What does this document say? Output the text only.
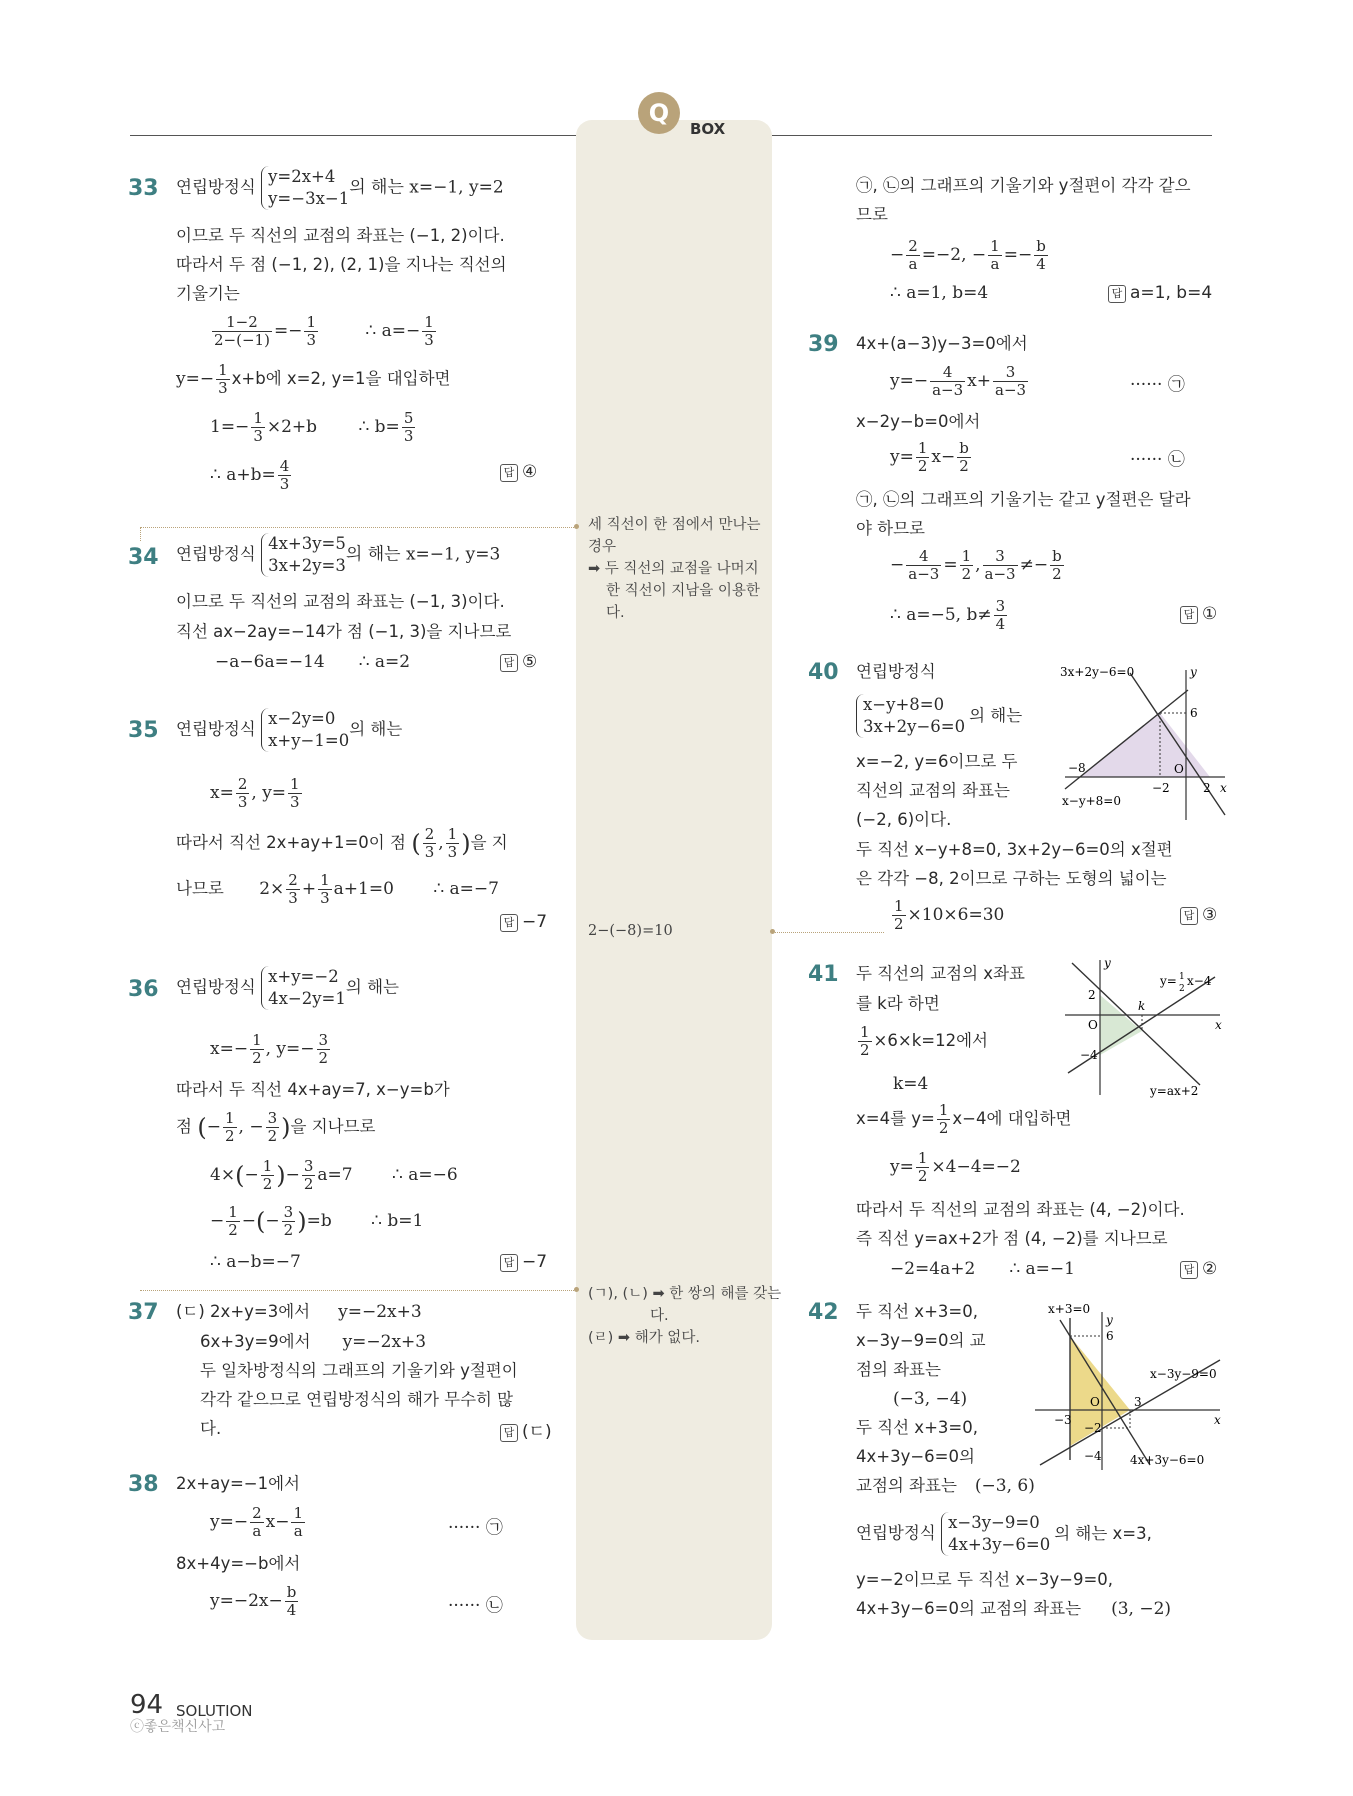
Q
BOX
33 연립방정식
y=2x+4
y=−3x−1
의 해는 x=−1, y=2
이므로 두 직선의 교점의 좌표는 (−1, 2)이다.
따라서 두 점 (−1, 2), (2, 1)을 지나는 직선의
기울기는
$\frac{1-2}{2-(-1)} =- \frac{1}{3}$	∴ $a=- \frac{1}{3}$
$y=- \frac{1}{3} x+b$에 x=2, y=1을 대입하면
$1=- \frac{1}{3} \times 2+b$ ∴ $b= \frac{5}{3}$
∴ $a+b= \frac{4}{3}$	답 ④
34 연립방정식
4x+3y=5
3x+2y=3
의 해는 x=−1, y=3
이므로 두 직선의 교점의 좌표는 (−1, 3)이다.
직선 ax−2ay=−14가 점 (−1, 3)을 지나므로
−a−6a=−14 ∴ a=2	답 ⑤
35 연립방정식
x−2y=0
x+y−1=0
의 해는
$x= \frac{2}{3}$ , $y= \frac{1}{3}$
따라서 직선 2x+ay+1=0이 점 ( $\frac{2}{3}$ , $\frac{1}{3}$ )을 지
나므로 $2\times \frac{2}{3} + \frac{1}{3} a+1=0$ ∴ a=−7
답 −7
36 연립방정식
x+y=−2
4x−2y=1
의 해는
$x=- \frac{1}{2}$ , $y=- \frac{3}{2}$
따라서 두 직선 4x+ay=7, x−y=b가
점 (− $\frac{1}{2}$ , − $\frac{3}{2}$ )을 지나므로
$4\times(- \frac{1}{2}$ )− $\frac{3}{2} a=7$ ∴ a=−6
− $\frac{1}{2}$ −(− $\frac{3}{2} )=b$ ∴ b=1
∴ a−b=−7	답 −7
37 (ㄷ) 2x+y=3에서 y=−2x+3
6x+3y=9에서 y=−2x+3
두 일차방정식의 그래프의 기울기와 y절편이
각각 같으므로 연립방정식의 해가 무수히 많
다.	답 (ㄷ)
38 2x+ay=−1에서
$y=- \frac{2}{a} x- \frac{1}{a}$	······ ㉠
8x+4y=−b에서
$y=-2x- \frac{b}{4}$	······ ㉡
㉠, ㉡의 그래프의 기울기와 y절편이 각각 같으
므로
− $\frac{2}{a} =-2$, − $\frac{1}{a} =- \frac{b}{4}$
∴ a=1, b=4	답 a=1, b=4
39 4x+(a−3)y−3=0에서
$y=- \frac{4}{a-3} x+ \frac{3}{a-3}$	······ ㉠
x−2y−b=0에서
$y= \frac{1}{2} x- \frac{b}{2}$	······ ㉡
㉠, ㉡의 그래프의 기울기는 같고 y절편은 달라
야 하므로
− $\frac{4}{a-3} = \frac{1}{2}$ , $\frac{3}{a-3} \ne- \frac{b}{2}$
∴ a=−5, $b\ne \frac{3}{4}$	답 ①
40 연립방정식
x−y+8=0
3x+2y−6=0
의 해는
x=−2, y=6이므로 두
직선의 교점의 좌표는
(−2, 6)이다.
두 직선 x−y+8=0, 3x+2y−6=0의 x절편
은 각각 −8, 2이므로 구하는 도형의 넓이는
$\frac{1}{2} \times 10\times 6=30$	답 ③
3x+2y−6=0	y
6
−8	O
−2	2 x
x−y+8=0
41 두 직선의 교점의 x좌표
를 k라 하면
$\frac{1}{2} \times 6\times k=12$에서
k=4
x=4를 $y= \frac{1}{2} x-4$에 대입하면
$y= \frac{1}{2} \times 4-4=-2$
따라서 두 직선의 교점의 좌표는 (4, −2)이다.
즉 직선 y=ax+2가 점 (4, −2)를 지나므로
−2=4a+2 ∴ a=−1	답 ②
y
y= 1
2
x−4
2
k
O	x
−4
y=ax+2
42 두 직선 x+3=0,
x−3y−9=0의 교
점의 좌표는
(−3, −4)
두 직선 x+3=0,
4x+3y−6=0의
교점의 좌표는 (−3, 6)
연립방정식
x−3y−9=0
4x+3y−6=0
의 해는 x=3,
y=−2이므로 두 직선 x−3y−9=0,
4x+3y−6=0의 교점의 좌표는 (3, −2)
x+3=0
y
6
x−3y−9=0
O	3
−3	x
−2
−4 4x+3y−6=0
세 직선이 한 점에서 만나는
경우
➡ 두 직선의 교점을 나머지
한 직선이 지남을 이용한
다.
2−(−8)=10
(ㄱ), (ㄴ) ➡ 한 쌍의 해를 갖는
다.
(ㄹ) ➡ 해가 없다.
94 SOLUTION
ⓒ좋은책신사고
